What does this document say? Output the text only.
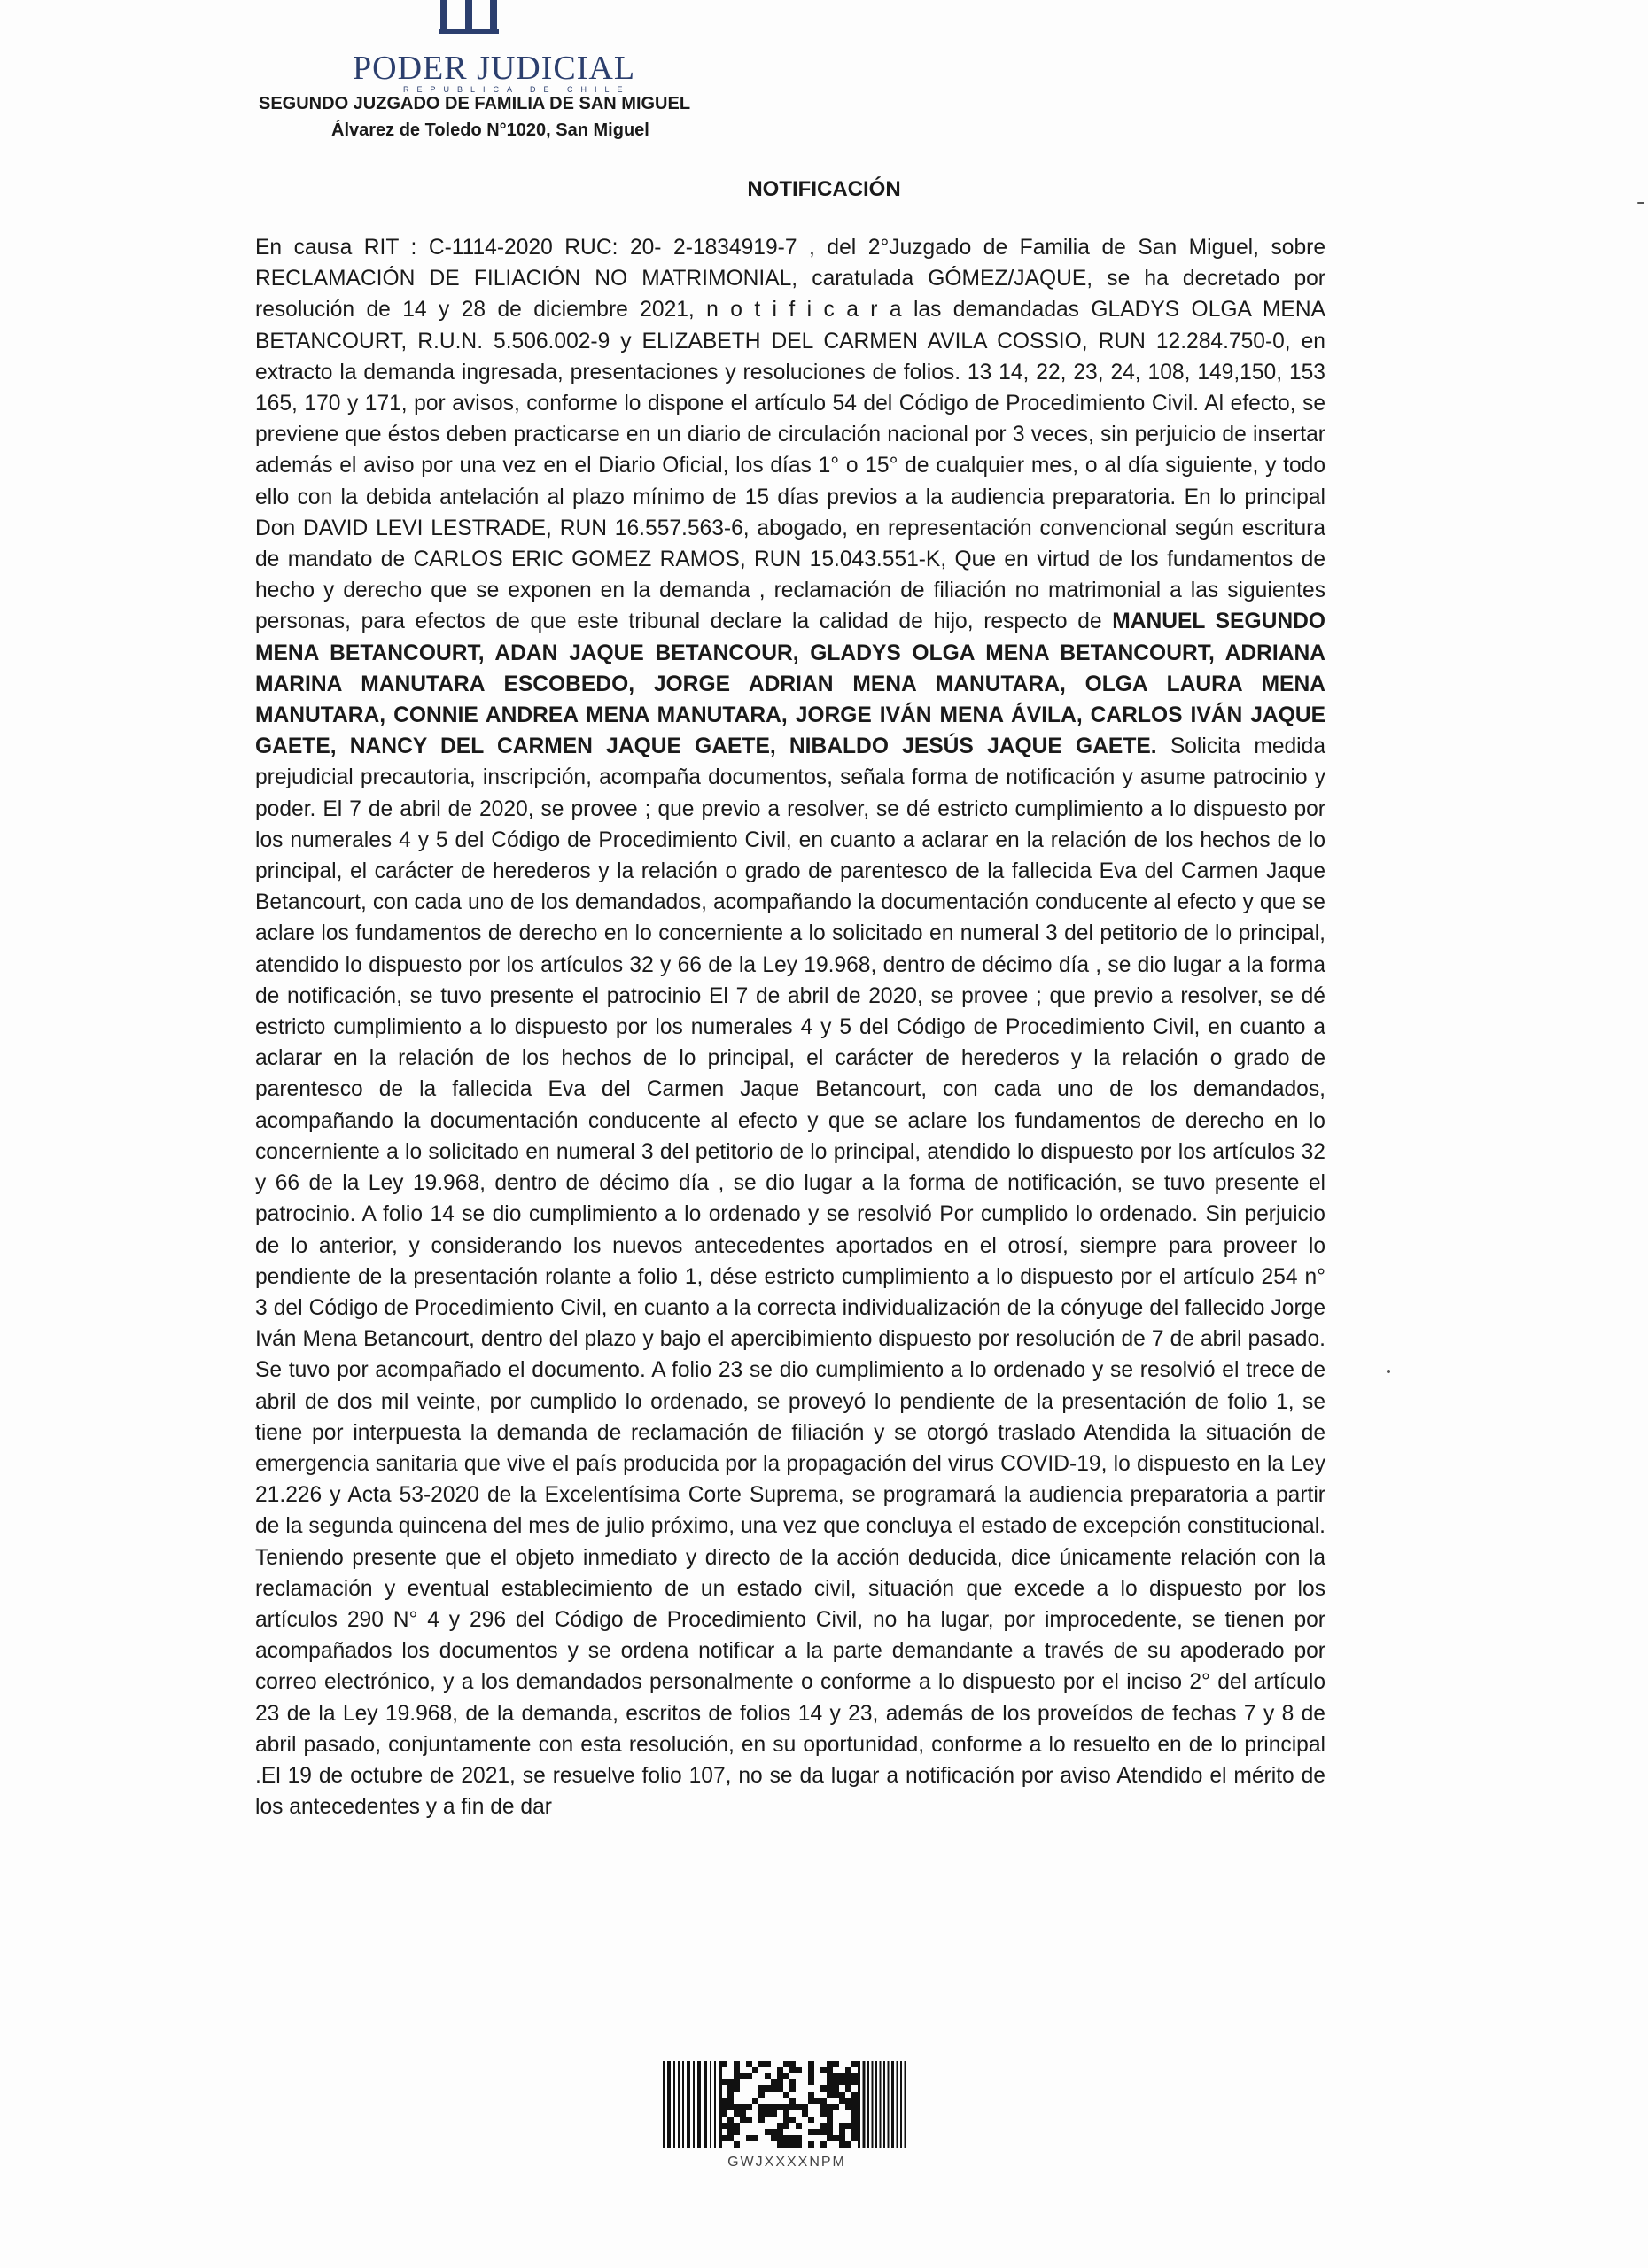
PODER JUDICIAL
REPUBLICA DE CHILE
SEGUNDO JUZGADO DE FAMILIA DE SAN MIGUEL
Álvarez de Toledo N°1020, San Miguel
NOTIFICACIÓN
En causa RIT : C-1114-2020 RUC: 20- 2-1834919-7 , del 2°Juzgado de Familia de San Miguel, sobre RECLAMACIÓN DE FILIACIÓN NO MATRIMONIAL, caratulada GÓMEZ/JAQUE, se ha decretado por resolución de 14 y 28 de diciembre 2021, n o t i f i c a r a las demandadas GLADYS OLGA MENA BETANCOURT, R.U.N. 5.506.002-9 y ELIZABETH DEL CARMEN AVILA COSSIO, RUN 12.284.750-0, en extracto la demanda ingresada, presentaciones y resoluciones de folios. 13 14, 22, 23, 24, 108, 149,150, 153 165, 170 y 171, por avisos, conforme lo dispone el artículo 54 del Código de Procedimiento Civil. Al efecto, se previene que éstos deben practicarse en un diario de circulación nacional por 3 veces, sin perjuicio de insertar además el aviso por una vez en el Diario Oficial, los días 1° o 15° de cualquier mes, o al día siguiente, y todo ello con la debida antelación al plazo mínimo de 15 días previos a la audiencia preparatoria. En lo principal Don DAVID LEVI LESTRADE, RUN 16.557.563-6, abogado, en representación convencional según escritura de mandato de CARLOS ERIC GOMEZ RAMOS, RUN 15.043.551-K, Que en virtud de los fundamentos de hecho y derecho que se exponen en la demanda , reclamación de filiación no matrimonial a las siguientes personas, para efectos de que este tribunal declare la calidad de hijo, respecto de MANUEL SEGUNDO MENA BETANCOURT, ADAN JAQUE BETANCOUR, GLADYS OLGA MENA BETANCOURT, ADRIANA MARINA MANUTARA ESCOBEDO, JORGE ADRIAN MENA MANUTARA, OLGA LAURA MENA MANUTARA, CONNIE ANDREA MENA MANUTARA, JORGE IVÁN MENA ÁVILA, CARLOS IVÁN JAQUE GAETE, NANCY DEL CARMEN JAQUE GAETE, NIBALDO JESÚS JAQUE GAETE. Solicita medida prejudicial precautoria, inscripción, acompaña documentos, señala forma de notificación y asume patrocinio y poder. El 7 de abril de 2020, se provee ; que previo a resolver, se dé estricto cumplimiento a lo dispuesto por los numerales 4 y 5 del Código de Procedimiento Civil, en cuanto a aclarar en la relación de los hechos de lo principal, el carácter de herederos y la relación o grado de parentesco de la fallecida Eva del Carmen Jaque Betancourt, con cada uno de los demandados, acompañando la documentación conducente al efecto y que se aclare los fundamentos de derecho en lo concerniente a lo solicitado en numeral 3 del petitorio de lo principal, atendido lo dispuesto por los artículos 32 y 66 de la Ley 19.968, dentro de décimo día , se dio lugar a la forma de notificación, se tuvo presente el patrocinio El 7 de abril de 2020, se provee ; que previo a resolver, se dé estricto cumplimiento a lo dispuesto por los numerales 4 y 5 del Código de Procedimiento Civil, en cuanto a aclarar en la relación de los hechos de lo principal, el carácter de herederos y la relación o grado de parentesco de la fallecida Eva del Carmen Jaque Betancourt, con cada uno de los demandados, acompañando la documentación conducente al efecto y que se aclare los fundamentos de derecho en lo concerniente a lo solicitado en numeral 3 del petitorio de lo principal, atendido lo dispuesto por los artículos 32 y 66 de la Ley 19.968, dentro de décimo día , se dio lugar a la forma de notificación, se tuvo presente el patrocinio. A folio 14 se dio cumplimiento a lo ordenado y se resolvió Por cumplido lo ordenado. Sin perjuicio de lo anterior, y considerando los nuevos antecedentes aportados en el otrosí, siempre para proveer lo pendiente de la presentación rolante a folio 1, dése estricto cumplimiento a lo dispuesto por el artículo 254 n° 3 del Código de Procedimiento Civil, en cuanto a la correcta individualización de la cónyuge del fallecido Jorge Iván Mena Betancourt, dentro del plazo y bajo el apercibimiento dispuesto por resolución de 7 de abril pasado. Se tuvo por acompañado el documento. A folio 23 se dio cumplimiento a lo ordenado y se resolvió el trece de abril de dos mil veinte, por cumplido lo ordenado, se proveyó lo pendiente de la presentación de folio 1, se tiene por interpuesta la demanda de reclamación de filiación y se otorgó traslado Atendida la situación de emergencia sanitaria que vive el país producida por la propagación del virus COVID-19, lo dispuesto en la Ley 21.226 y Acta 53-2020 de la Excelentísima Corte Suprema, se programará la audiencia preparatoria a partir de la segunda quincena del mes de julio próximo, una vez que concluya el estado de excepción constitucional. Teniendo presente que el objeto inmediato y directo de la acción deducida, dice únicamente relación con la reclamación y eventual establecimiento de un estado civil, situación que excede a lo dispuesto por los artículos 290 N° 4 y 296 del Código de Procedimiento Civil, no ha lugar, por improcedente, se tienen por acompañados los documentos y se ordena notificar a la parte demandante a través de su apoderado por correo electrónico, y a los demandados personalmente o conforme a lo dispuesto por el inciso 2° del artículo 23 de la Ley 19.968, de la demanda, escritos de folios 14 y 23, además de los proveídos de fechas 7 y 8 de abril pasado, conjuntamente con esta resolución, en su oportunidad, conforme a lo resuelto en de lo principal .El 19 de octubre de 2021, se resuelve folio 107, no se da lugar a notificación por aviso Atendido el mérito de los antecedentes y a fin de dar
GWJXXXXNPM
